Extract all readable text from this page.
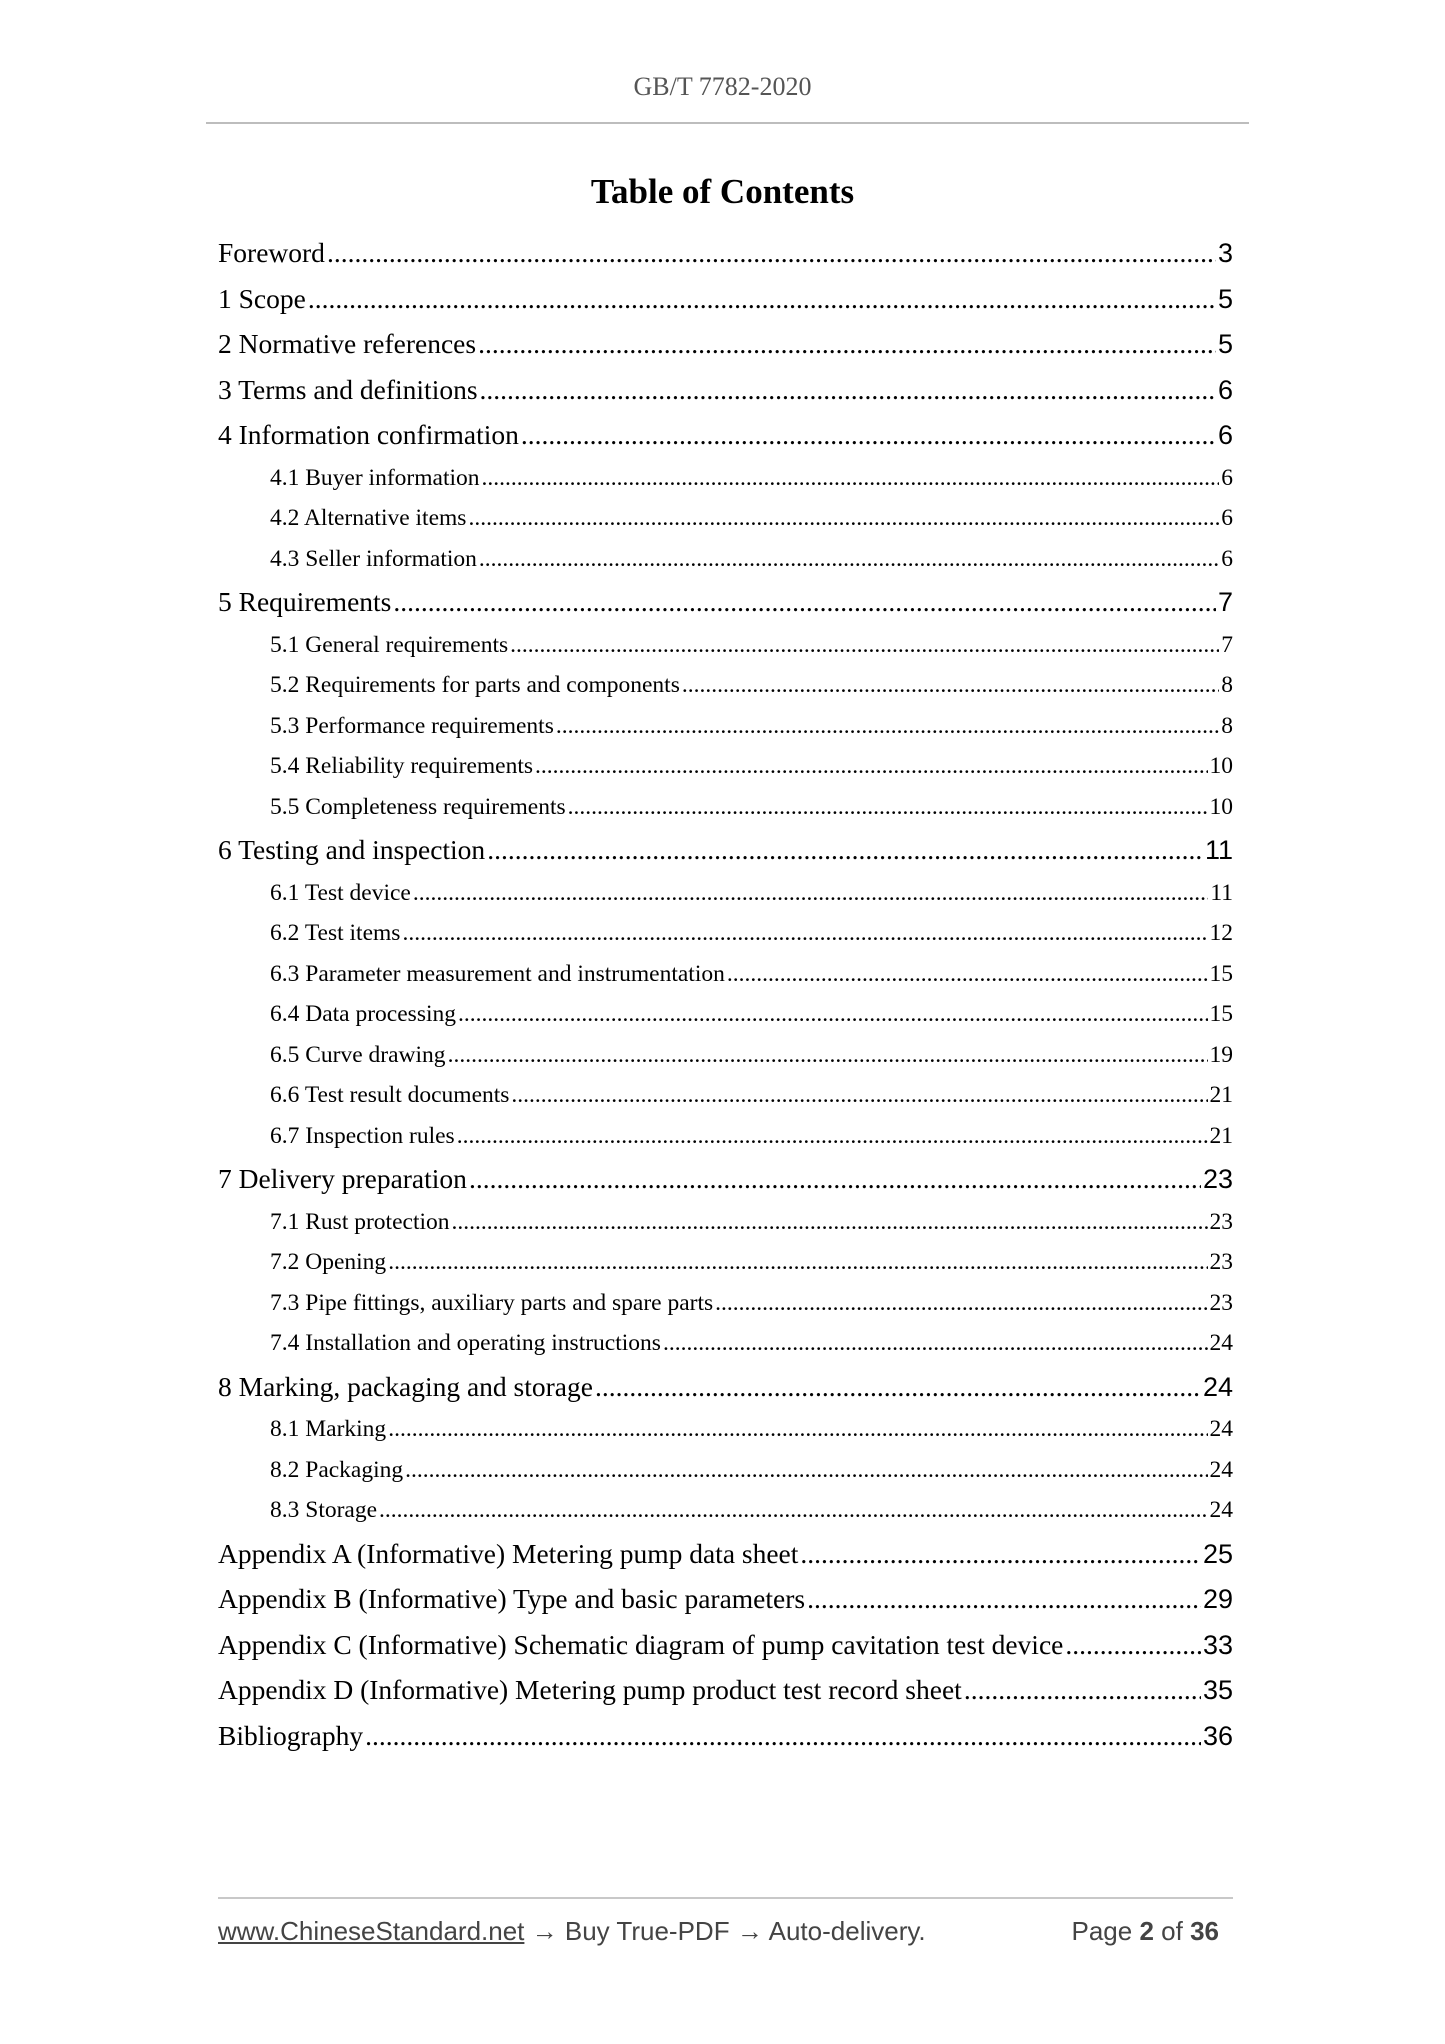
GB/T 7782-2020
Table of Contents
Foreword .....	3
1 Scope .....	5
2 Normative references .....	5
3 Terms and definitions .....	6
4 Information confirmation .....	6
4.1 Buyer information .....	6
4.2 Alternative items .....	6
4.3 Seller information .....	6
5 Requirements .....	7
5.1 General requirements .....	7
5.2 Requirements for parts and components .....	8
5.3 Performance requirements .....	8
5.4 Reliability requirements .....	10
5.5 Completeness requirements .....	10
6 Testing and inspection .....	11
6.1 Test device .....	11
6.2 Test items .....	12
6.3 Parameter measurement and instrumentation .....	15
6.4 Data processing .....	15
6.5 Curve drawing .....	19
6.6 Test result documents .....	21
6.7 Inspection rules .....	21
7 Delivery preparation .....	23
7.1 Rust protection .....	23
7.2 Opening .....	23
7.3 Pipe fittings, auxiliary parts and spare parts .....	23
7.4 Installation and operating instructions .....	24
8 Marking, packaging and storage .....	24
8.1 Marking .....	24
8.2 Packaging .....	24
8.3 Storage .....	24
Appendix A (Informative) Metering pump data sheet .....	25
Appendix B (Informative) Type and basic parameters .....	29
Appendix C (Informative) Schematic diagram of pump cavitation test device .....	33
Appendix D (Informative) Metering pump product test record sheet .....	35
Bibliography .....	36
www.ChineseStandard.net → Buy True-PDF → Auto-delivery.	Page 2 of 36
